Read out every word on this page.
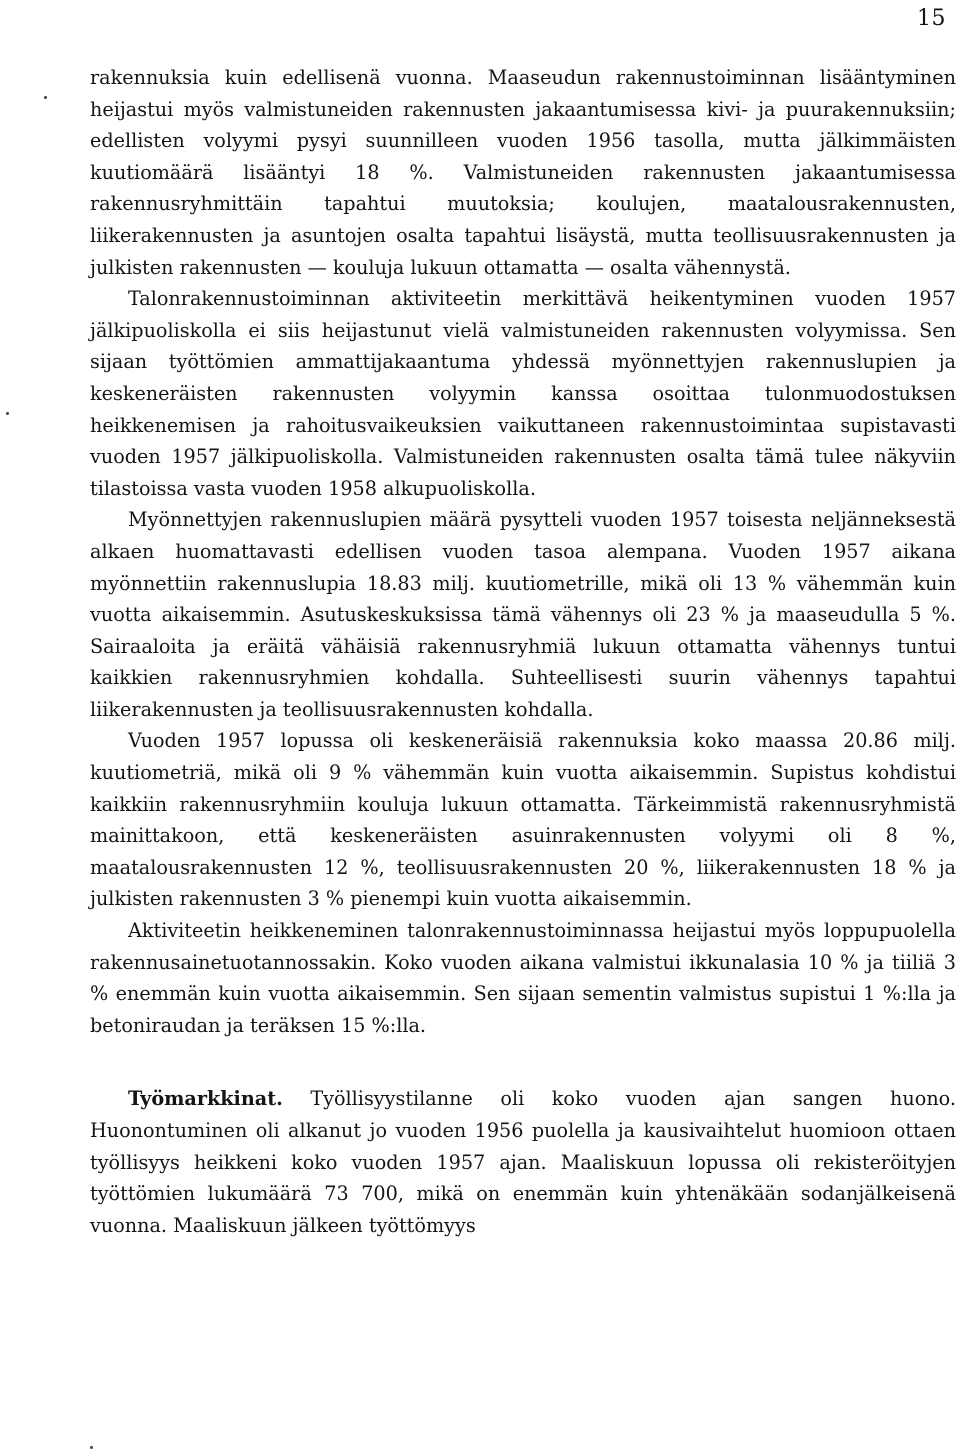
15

rakennuksia kuin edellisenä vuonna. Maaseudun rakennustoiminnan lisääntyminen heijastui myös valmistuneiden rakennusten jakaantumisessa kivi- ja puurakennuksiin; edellisten volyymi pysyi suunnilleen vuoden 1956 tasolla, mutta jälkimmäisten kuutiomäärä lisääntyi 18 %. Valmistuneiden rakennusten jakaantumisessa rakennusryhmittäin tapahtui muutoksia; koulujen, maatalousrakennusten, liikerakennusten ja asuntojen osalta tapahtui lisäystä, mutta teollisuusrakennusten ja julkisten rakennusten — kouluja lukuun ottamatta — osalta vähennystä.

Talonrakennustoiminnan aktiviteetin merkittävä heikentyminen vuoden 1957 jälkipuoliskolla ei siis heijastunut vielä valmistuneiden rakennusten volyymissa. Sen sijaan työttömien ammattijakaantuma yhdessä myönnettyjen rakennuslupien ja keskeneräisten rakennusten volyymin kanssa osoittaa tulonmuodostuksen heikkenemisen ja rahoitusvaikeuksien vaikuttaneen rakennustoimintaa supistavasti vuoden 1957 jälkipuoliskolla. Valmistuneiden rakennusten osalta tämä tulee näkyviin tilastoissa vasta vuoden 1958 alkupuoliskolla.

Myönnettyjen rakennuslupien määrä pysytteli vuoden 1957 toisesta neljänneksestä alkaen huomattavasti edellisen vuoden tasoa alempana. Vuoden 1957 aikana myönnettiin rakennuslupia 18.83 milj. kuutiometrille, mikä oli 13 % vähemmän kuin vuotta aikaisemmin. Asutuskeskuksissa tämä vähennys oli 23 % ja maaseudulla 5 %. Sairaaloita ja eräitä vähäisiä rakennusryhmiä lukuun ottamatta vähennys tuntui kaikkien rakennusryhmien kohdalla. Suhteellisesti suurin vähennys tapahtui liikerakennusten ja teollisuusrakennusten kohdalla.

Vuoden 1957 lopussa oli keskeneräisiä rakennuksia koko maassa 20.86 milj. kuutiometriä, mikä oli 9 % vähemmän kuin vuotta aikaisemmin. Supistus kohdistui kaikkiin rakennusryhmiin kouluja lukuun ottamatta. Tärkeimmistä rakennusryhmistä mainittakoon, että keskeneräisten asuinrakennusten volyymi oli 8 %, maatalousrakennusten 12 %, teollisuusrakennusten 20 %, liikerakennusten 18 % ja julkisten rakennusten 3 % pienempi kuin vuotta aikaisemmin.

Aktiviteetin heikkeneminen talonrakennustoiminnassa heijastui myös loppupuolella rakennusainetuotannossakin. Koko vuoden aikana valmistui ikkunalasia 10 % ja tiiliä 3 % enemmän kuin vuotta aikaisemmin. Sen sijaan sementin valmistus supistui 1 %:lla ja betoniraudan ja teräksen 15 %:lla.

Työmarkkinat. Työllisyystilanne oli koko vuoden ajan sangen huono. Huonontuminen oli alkanut jo vuoden 1956 puolella ja kausivaihtelut huomioon ottaen työllisyys heikkeni koko vuoden 1957 ajan. Maaliskuun lopussa oli rekisteröityjen työttömien lukumäärä 73 700, mikä on enemmän kuin yhtenäkään sodanjälkeisenä vuonna. Maaliskuun jälkeen työttömyys
